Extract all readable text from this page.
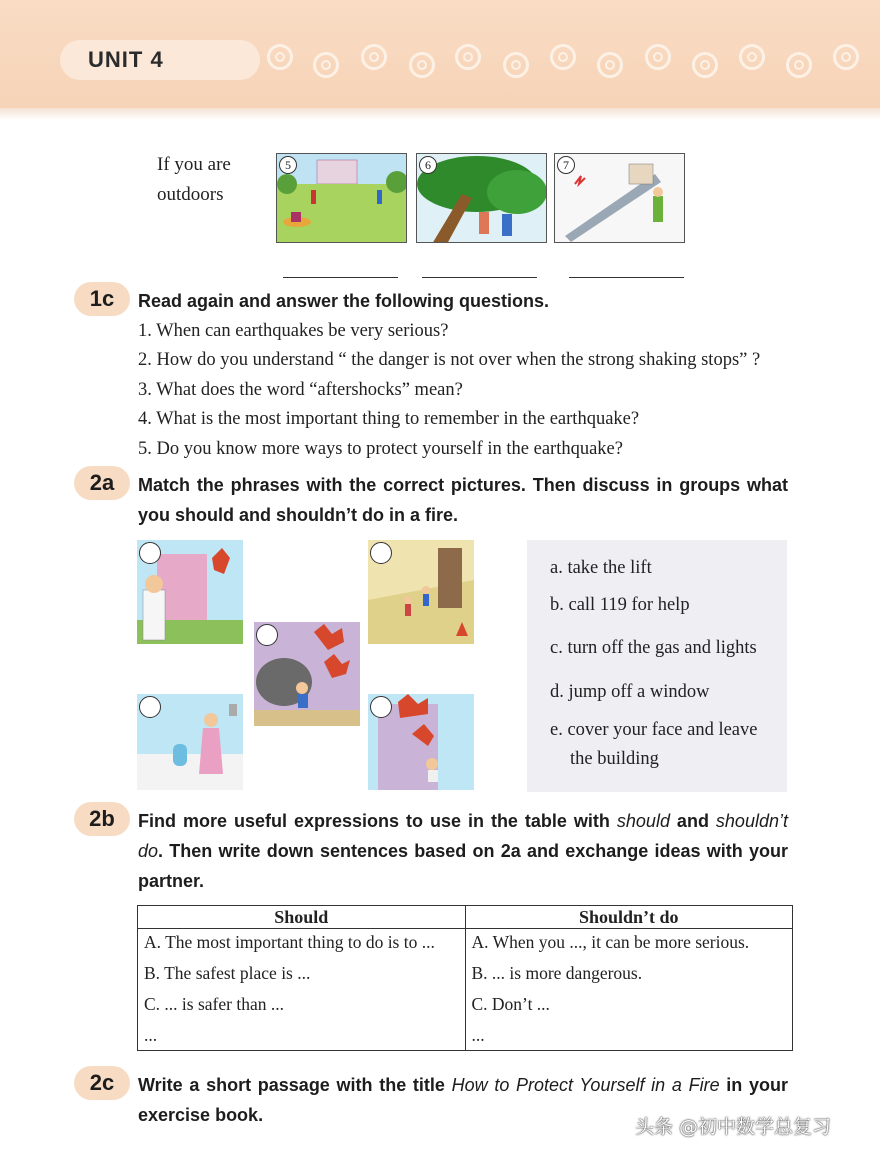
UNIT 4
If you are
outdoors
5	6	7
1c	Read again and answer the following questions.
1. When can earthquakes be very serious?
2. How do you understand “ the danger is not over when the strong shaking stops” ?
3. What does the word “aftershocks” mean?
4. What is the most important thing to remember in the earthquake?
5. Do you know more ways to protect yourself in the earthquake?
2a	Match the phrases with the correct pictures. Then discuss in groups what you should and shouldn’t do in a fire.
a. take the lift
b. call 119 for help
c. turn off the gas and lights
d. jump off a window
e. cover your face and leave
the building
2b	Find more useful expressions to use in the table with should and shouldn’t do. Then write down sentences based on 2a and exchange ideas with your partner.
Should	Shouldn’t do
A. The most important thing to do is to ...	A. When you ..., it can be more serious.
B. The safest place is ...	B. ... is more dangerous.
C. ... is safer than ...	C. Don’t ...
...	...
2c	Write a short passage with the title How to Protect Yourself in a Fire in your exercise book.
头条 @初中数学总复习
